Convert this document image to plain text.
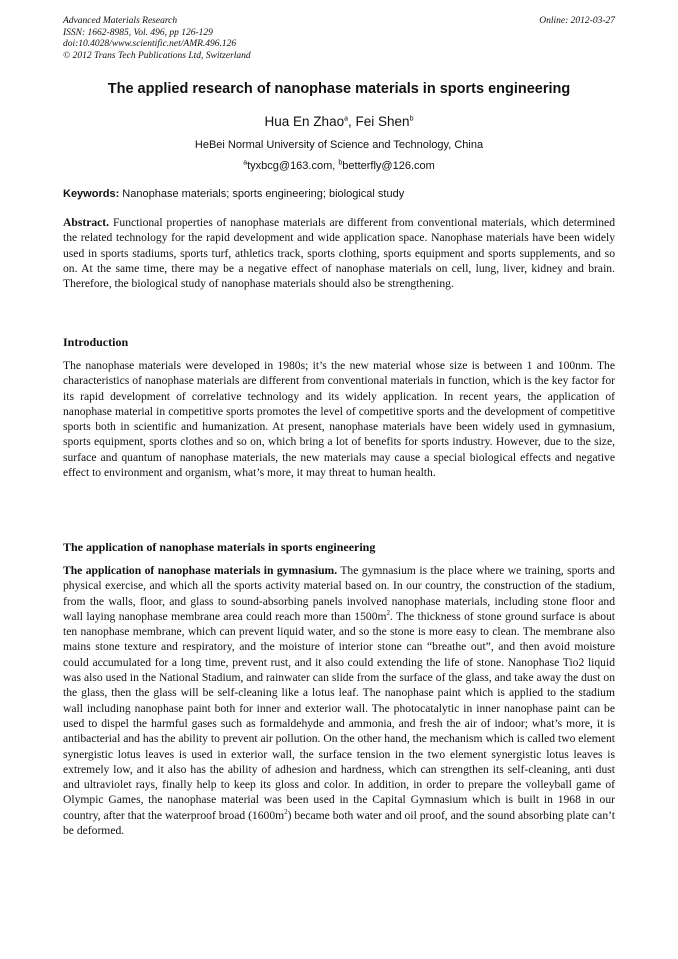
Advanced Materials Research
ISSN: 1662-8985, Vol. 496, pp 126-129
doi:10.4028/www.scientific.net/AMR.496.126
© 2012 Trans Tech Publications Ltd, Switzerland
Online: 2012-03-27
The applied research of nanophase materials in sports engineering
Hua En Zhao$^a$, Fei Shen$^b$
HeBei Normal University of Science and Technology, China
$^a$tyxbcg@163.com, $^b$betterfly@126.com
Keywords: Nanophase materials; sports engineering; biological study
Abstract. Functional properties of nanophase materials are different from conventional materials, which determined the related technology for the rapid development and wide application space. Nanophase materials have been widely used in sports stadiums, sports turf, athletics track, sports clothing, sports equipment and sports supplements, and so on. At the same time, there may be a negative effect of nanophase materials on cell, lung, liver, kidney and brain. Therefore, the biological study of nanophase materials should also be strengthening.
Introduction
The nanophase materials were developed in 1980s; it’s the new material whose size is between 1 and 100nm. The characteristics of nanophase materials are different from conventional materials in function, which is the key factor for its rapid development of correlative technology and its widely application. In recent years, the application of nanophase material in competitive sports promotes the level of competitive sports and the development of competitive sports both in scientific and humanization. At present, nanophase materials have been widely used in gymnasium, sports equipment, sports clothes and so on, which bring a lot of benefits for sports industry. However, due to the size, surface and quantum of nanophase materials, the new materials may cause a special biological effects and negative effect to environment and organism, what’s more, it may threat to human health.
The application of nanophase materials in sports engineering
The application of nanophase materials in gymnasium. The gymnasium is the place where we training, sports and physical exercise, and which all the sports activity material based on. In our country, the construction of the stadium, from the walls, floor, and glass to sound-absorbing panels involved nanophase materials, including stone floor and wall laying nanophase membrane area could reach more than $1500m^2$. The thickness of stone ground surface is about ten nanophase membrane, which can prevent liquid water, and so the stone is more easy to clean. The membrane also mains stone texture and respiratory, and the moisture of interior stone can “breathe out”, and then avoid moisture could accumulated for a long time, prevent rust, and it also could extending the life of stone. Nanophase Tio2 liquid was also used in the National Stadium, and rainwater can slide from the surface of the glass, and take away the dust on the glass, then the glass will be self-cleaning like a lotus leaf. The nanophase paint which is applied to the stadium wall including nanophase paint both for inner and exterior wall. The photocatalytic in inner nanophase paint can be used to dispel the harmful gases such as formaldehyde and ammonia, and fresh the air of indoor; what’s more, it is antibacterial and has the ability to prevent air pollution. On the other hand, the mechanism which is called two element synergistic lotus leaves is used in exterior wall, the surface tension in the two element synergistic lotus leaves is extremely low, and it also has the ability of adhesion and hardness, which can strengthen its self-cleaning, anti dust and ultraviolet rays, finally help to keep its gloss and color. In addition, in order to prepare the volleyball game of Olympic Games, the nanophase material was been used in the Capital Gymnasium which is built in 1968 in our country, after that the waterproof broad $(1600m^2)$ became both water and oil proof, and the sound absorbing plate can’t be deformed.
